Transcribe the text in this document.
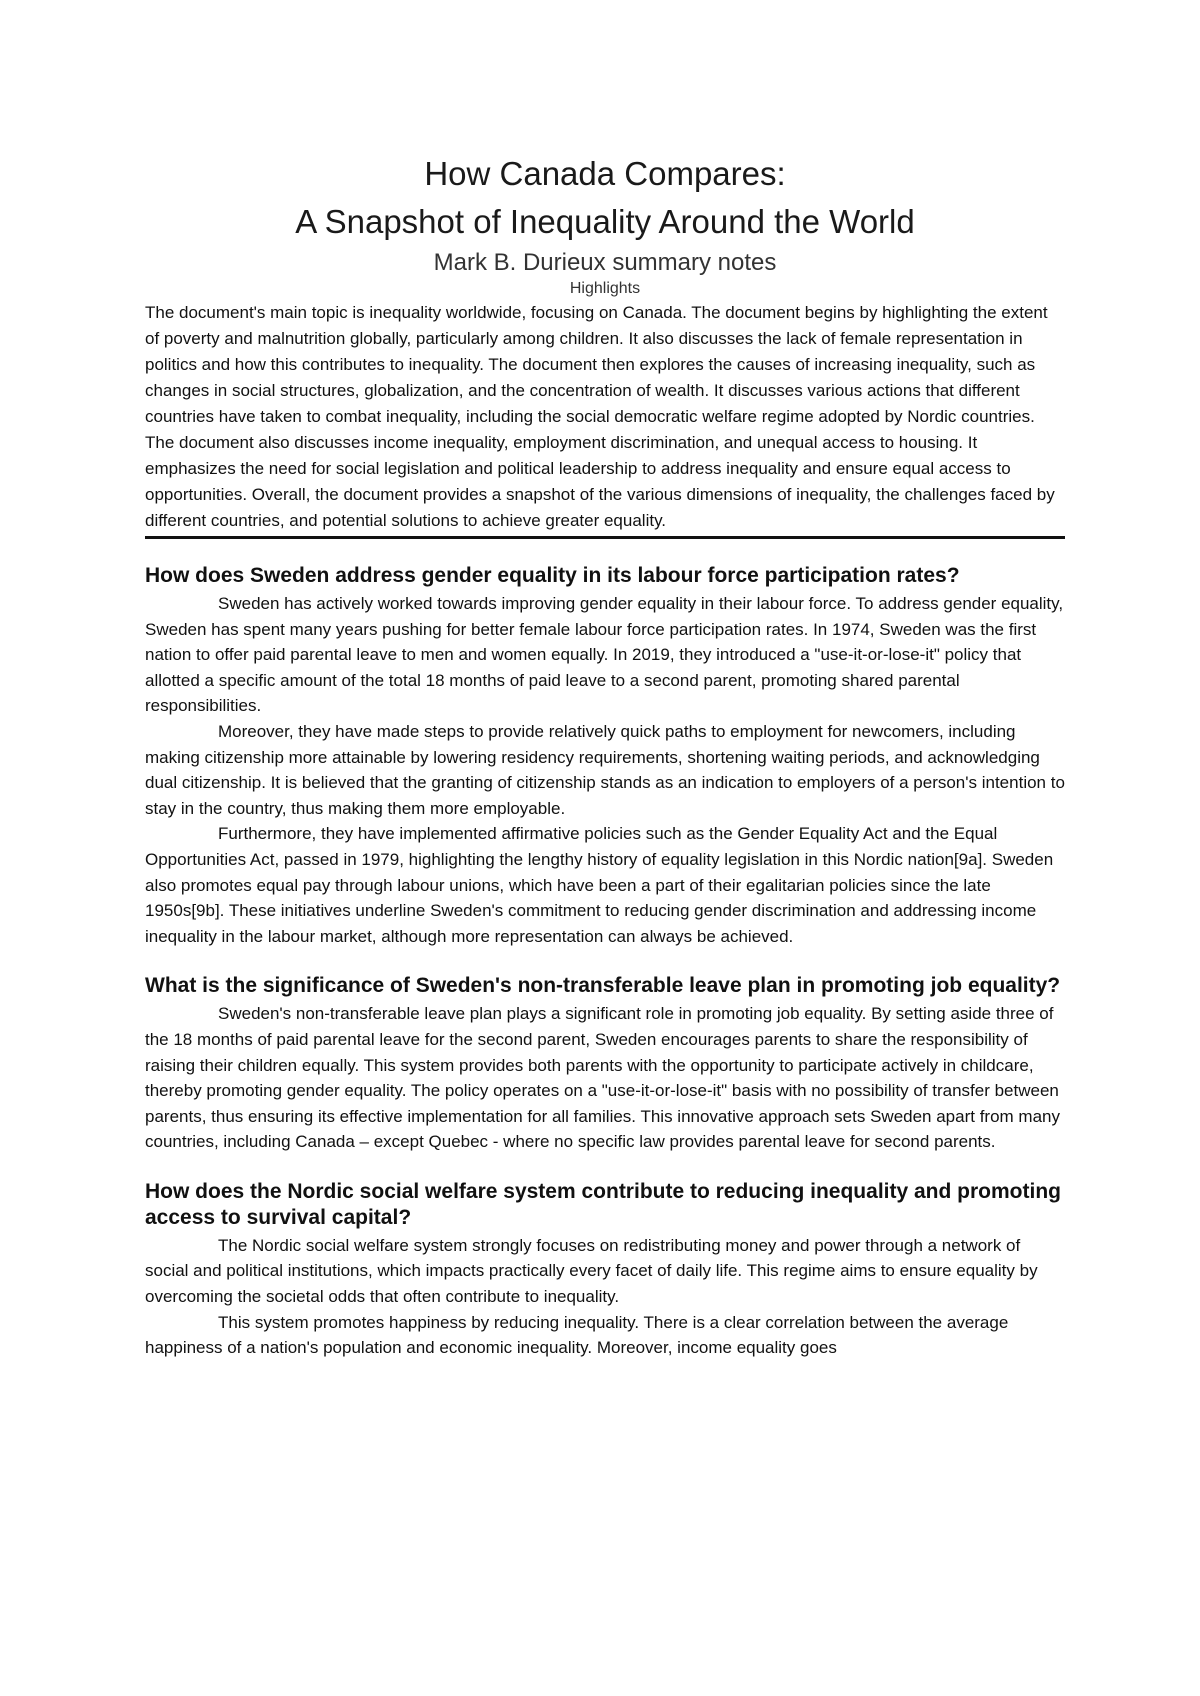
How Canada Compares:
A Snapshot of Inequality Around the World
Mark B. Durieux summary notes
Highlights

The document's main topic is inequality worldwide, focusing on Canada. The document begins by highlighting the extent of poverty and malnutrition globally, particularly among children. It also discusses the lack of female representation in politics and how this contributes to inequality. The document then explores the causes of increasing inequality, such as changes in social structures, globalization, and the concentration of wealth. It discusses various actions that different countries have taken to combat inequality, including the social democratic welfare regime adopted by Nordic countries. The document also discusses income inequality, employment discrimination, and unequal access to housing. It emphasizes the need for social legislation and political leadership to address inequality and ensure equal access to opportunities. Overall, the document provides a snapshot of the various dimensions of inequality, the challenges faced by different countries, and potential solutions to achieve greater equality.

How does Sweden address gender equality in its labour force participation rates?

Sweden has actively worked towards improving gender equality in their labour force. To address gender equality, Sweden has spent many years pushing for better female labour force participation rates. In 1974, Sweden was the first nation to offer paid parental leave to men and women equally. In 2019, they introduced a "use-it-or-lose-it" policy that allotted a specific amount of the total 18 months of paid leave to a second parent, promoting shared parental responsibilities.

Moreover, they have made steps to provide relatively quick paths to employment for newcomers, including making citizenship more attainable by lowering residency requirements, shortening waiting periods, and acknowledging dual citizenship. It is believed that the granting of citizenship stands as an indication to employers of a person's intention to stay in the country, thus making them more employable.

Furthermore, they have implemented affirmative policies such as the Gender Equality Act and the Equal Opportunities Act, passed in 1979, highlighting the lengthy history of equality legislation in this Nordic nation[9a]. Sweden also promotes equal pay through labour unions, which have been a part of their egalitarian policies since the late 1950s[9b]. These initiatives underline Sweden's commitment to reducing gender discrimination and addressing income inequality in the labour market, although more representation can always be achieved.

What is the significance of Sweden's non-transferable leave plan in promoting job equality?

Sweden's non-transferable leave plan plays a significant role in promoting job equality. By setting aside three of the 18 months of paid parental leave for the second parent, Sweden encourages parents to share the responsibility of raising their children equally. This system provides both parents with the opportunity to participate actively in childcare, thereby promoting gender equality. The policy operates on a "use-it-or-lose-it" basis with no possibility of transfer between parents, thus ensuring its effective implementation for all families. This innovative approach sets Sweden apart from many countries, including Canada – except Quebec - where no specific law provides parental leave for second parents.

How does the Nordic social welfare system contribute to reducing inequality and promoting access to survival capital?

The Nordic social welfare system strongly focuses on redistributing money and power through a network of social and political institutions, which impacts practically every facet of daily life. This regime aims to ensure equality by overcoming the societal odds that often contribute to inequality.

This system promotes happiness by reducing inequality. There is a clear correlation between the average happiness of a nation's population and economic inequality. Moreover, income equality goes
